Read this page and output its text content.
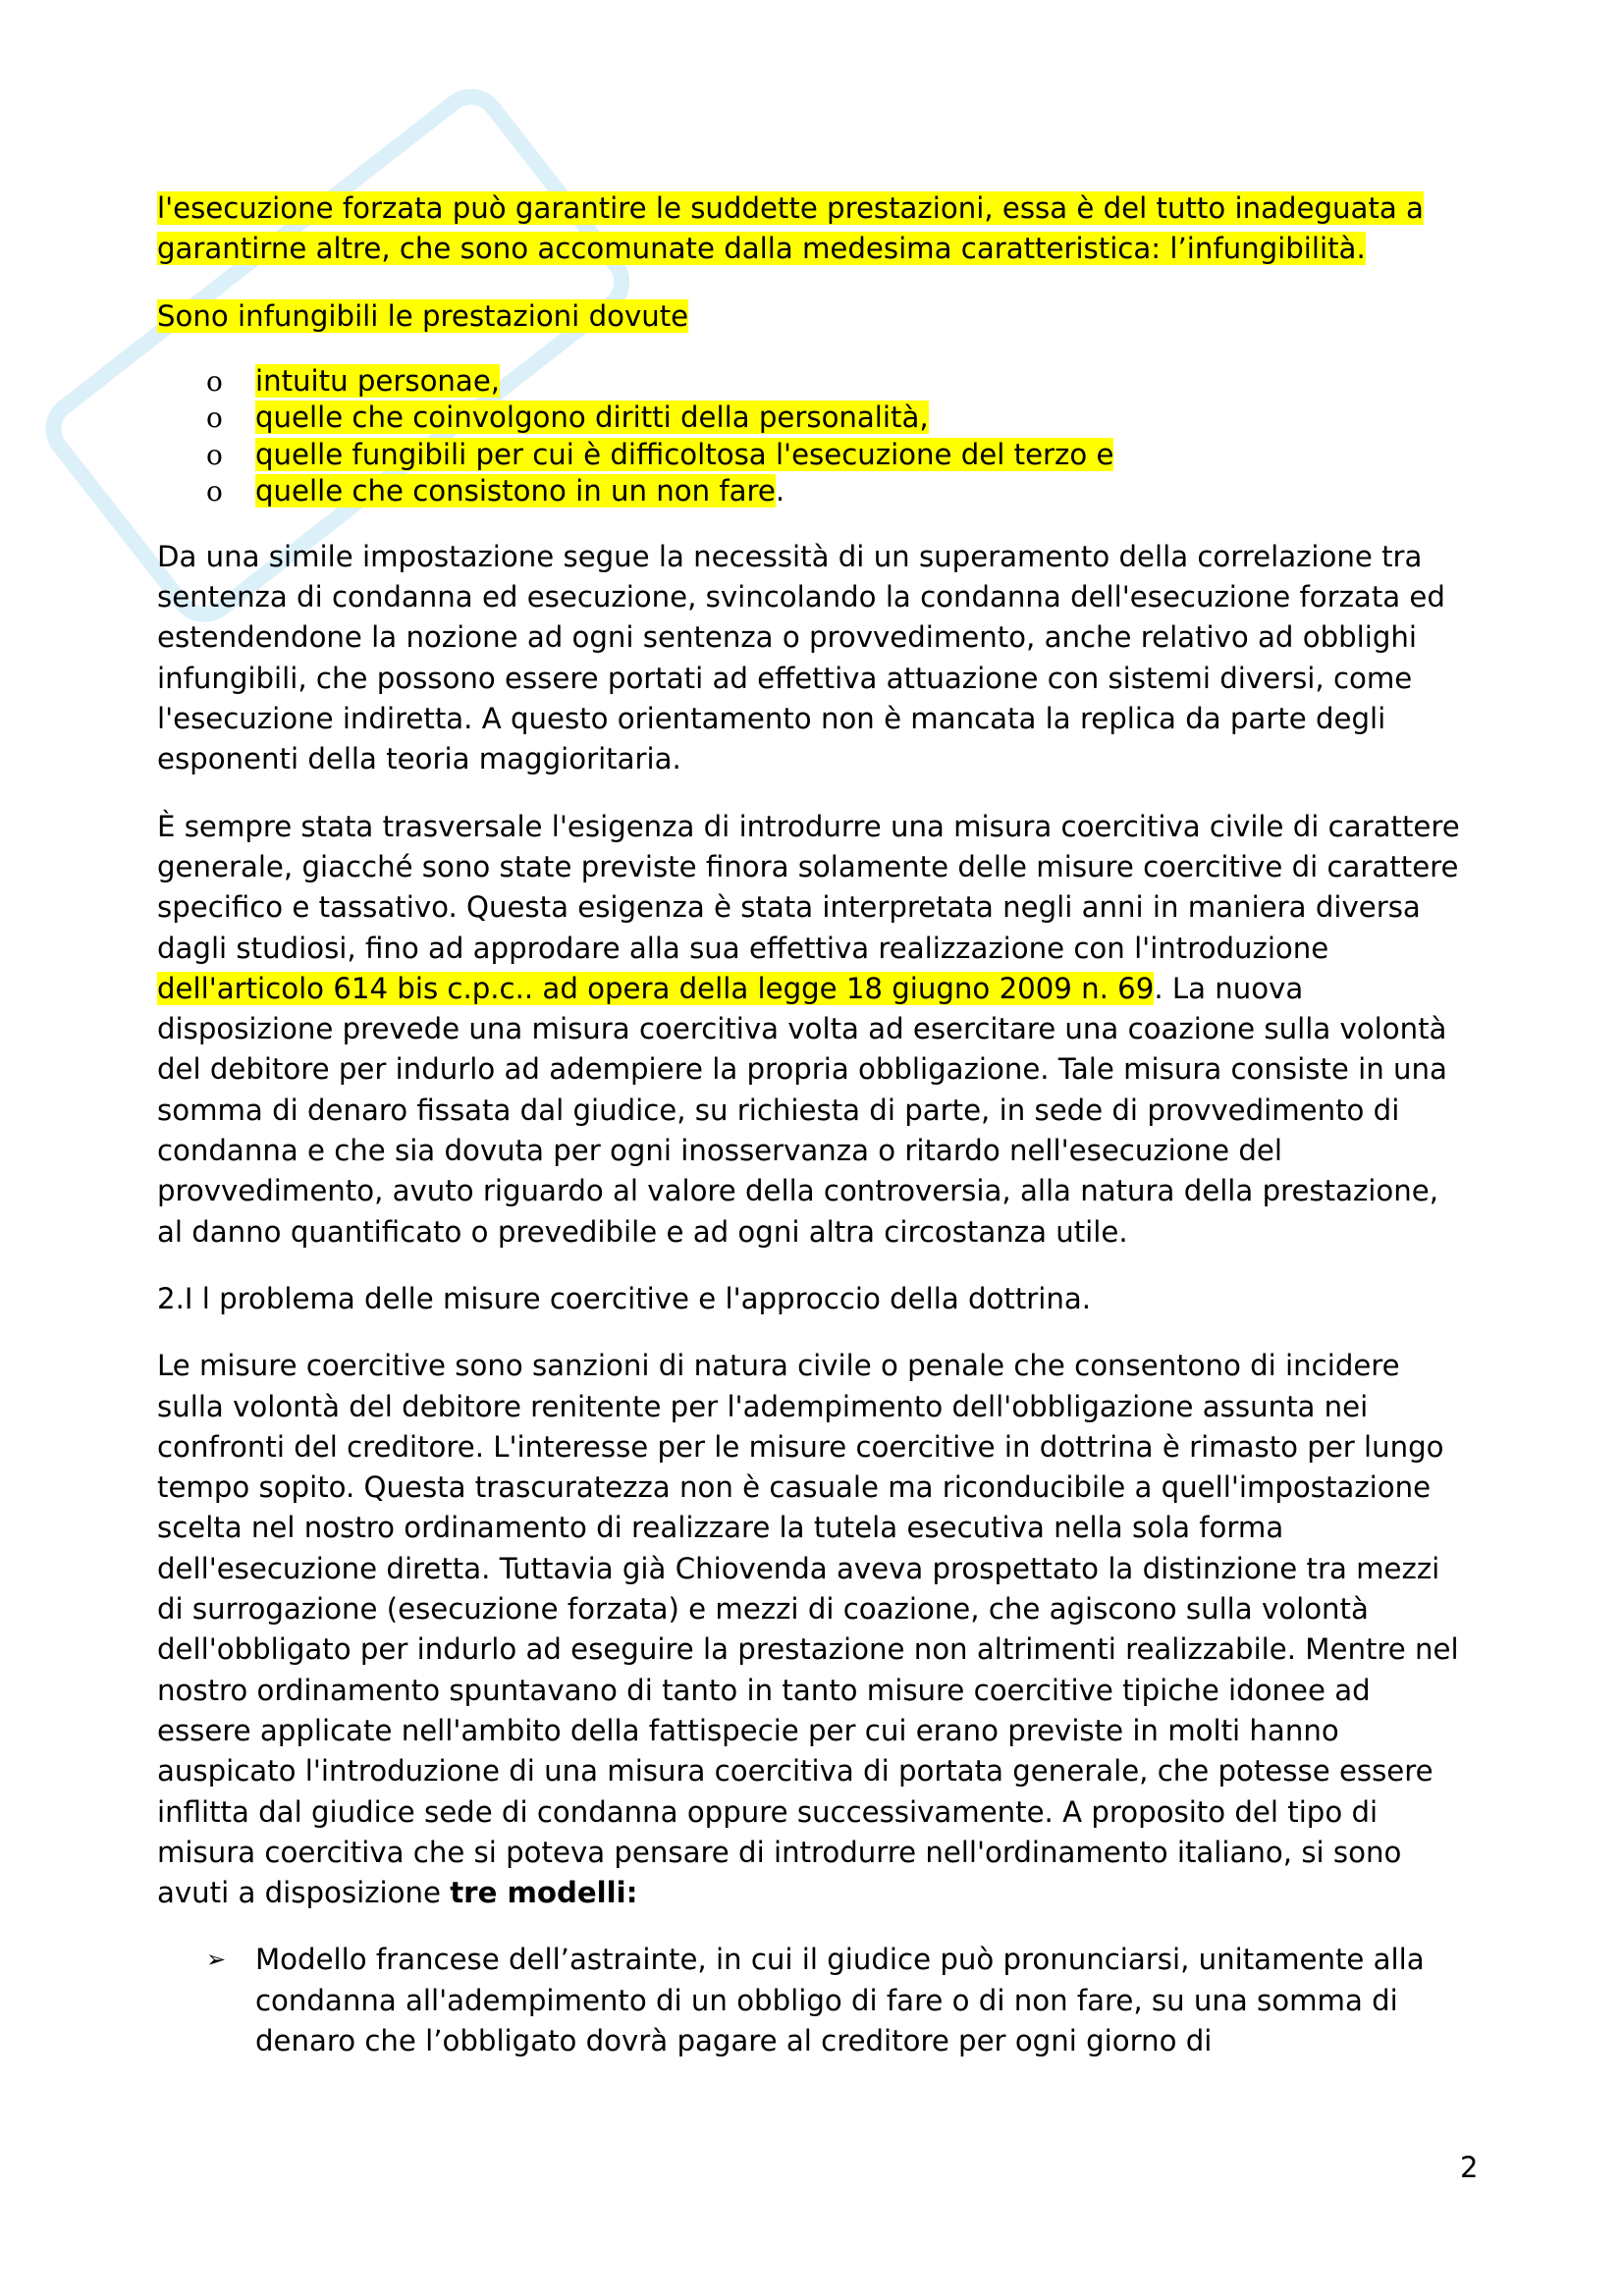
l'esecuzione forzata può garantire le suddette prestazioni, essa è del tutto inadeguata a garantirne altre, che sono accomunate dalla medesima caratteristica: l’infungibilità.

Sono infungibili le prestazioni dovute

o intuitu personae,
o quelle che coinvolgono diritti della personalità,
o quelle fungibili per cui è difficoltosa l'esecuzione del terzo e
o quelle che consistono in un non fare.

Da una simile impostazione segue la necessità di un superamento della correlazione tra sentenza di condanna ed esecuzione, svincolando la condanna dell'esecuzione forzata ed estendendone la nozione ad ogni sentenza o provvedimento, anche relativo ad obblighi infungibili, che possono essere portati ad effettiva attuazione con sistemi diversi, come l'esecuzione indiretta. A questo orientamento non è mancata la replica da parte degli esponenti della teoria maggioritaria.

È sempre stata trasversale l'esigenza di introdurre una misura coercitiva civile di carattere generale, giacché sono state previste finora solamente delle misure coercitive di carattere specifico e tassativo. Questa esigenza è stata interpretata negli anni in maniera diversa dagli studiosi, fino ad approdare alla sua effettiva realizzazione con l'introduzione dell'articolo 614 bis c.p.c.. ad opera della legge 18 giugno 2009 n. 69. La nuova disposizione prevede una misura coercitiva volta ad esercitare una coazione sulla volontà del debitore per indurlo ad adempiere la propria obbligazione. Tale misura consiste in una somma di denaro fissata dal giudice, su richiesta di parte, in sede di provvedimento di condanna e che sia dovuta per ogni inosservanza o ritardo nell'esecuzione del provvedimento, avuto riguardo al valore della controversia, alla natura della prestazione, al danno quantificato o prevedibile e ad ogni altra circostanza utile.

2.I l problema delle misure coercitive e l'approccio della dottrina.

Le misure coercitive sono sanzioni di natura civile o penale che consentono di incidere sulla volontà del debitore renitente per l'adempimento dell'obbligazione assunta nei confronti del creditore. L'interesse per le misure coercitive in dottrina è rimasto per lungo tempo sopito. Questa trascuratezza non è casuale ma riconducibile a quell'impostazione scelta nel nostro ordinamento di realizzare la tutela esecutiva nella sola forma dell'esecuzione diretta. Tuttavia già Chiovenda aveva prospettato la distinzione tra mezzi di surrogazione (esecuzione forzata) e mezzi di coazione, che agiscono sulla volontà dell'obbligato per indurlo ad eseguire la prestazione non altrimenti realizzabile. Mentre nel nostro ordinamento spuntavano di tanto in tanto misure coercitive tipiche idonee ad essere applicate nell'ambito della fattispecie per cui erano previste in molti hanno auspicato l'introduzione di una misura coercitiva di portata generale, che potesse essere inflitta dal giudice sede di condanna oppure successivamente. A proposito del tipo di misura coercitiva che si poteva pensare di introdurre nell'ordinamento italiano, si sono avuti a disposizione tre modelli:

➢ Modello francese dell’astrainte, in cui il giudice può pronunciarsi, unitamente alla condanna all'adempimento di un obbligo di fare o di non fare, su una somma di denaro che l’obbligato dovrà pagare al creditore per ogni giorno di
2
